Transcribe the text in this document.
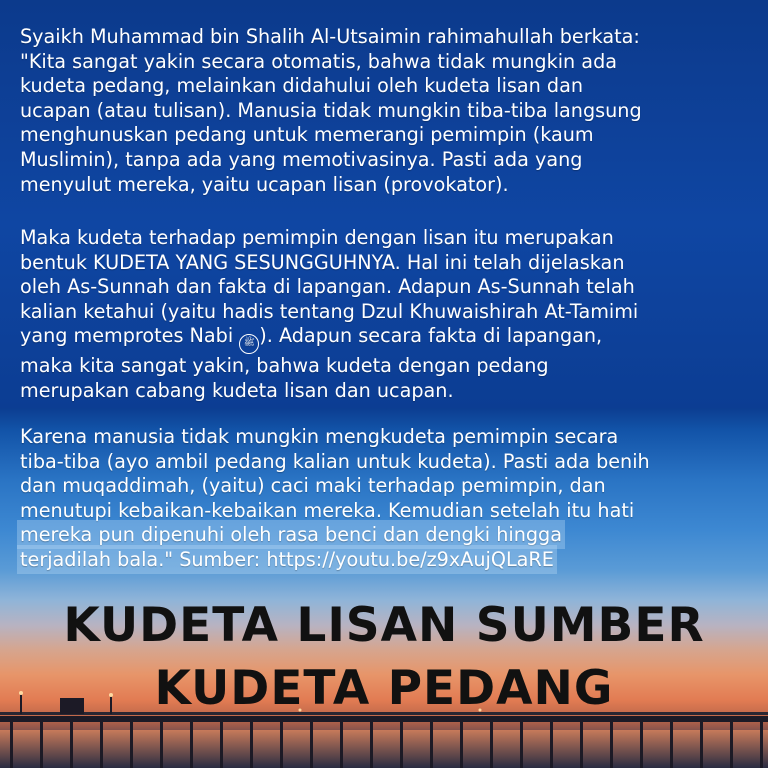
Syaikh Muhammad bin Shalih Al-Utsaimin rahimahullah berkata:
"Kita sangat yakin secara otomatis, bahwa tidak mungkin ada
kudeta pedang, melainkan didahului oleh kudeta lisan dan
ucapan (atau tulisan). Manusia tidak mungkin tiba-tiba langsung
menghunuskan pedang untuk memerangi pemimpin (kaum
Muslimin), tanpa ada yang memotivasinya. Pasti ada yang
menyulut mereka, yaitu ucapan lisan (provokator).

Maka kudeta terhadap pemimpin dengan lisan itu merupakan
bentuk KUDETA YANG SESUNGGUHNYA. Hal ini telah dijelaskan
oleh As-Sunnah dan fakta di lapangan. Adapun As-Sunnah telah
kalian ketahui (yaitu hadis tentang Dzul Khuwaishirah At-Tamimi
yang memprotes Nabi ﷺ ). Adapun secara fakta di lapangan,
maka kita sangat yakin, bahwa kudeta dengan pedang
merupakan cabang kudeta lisan dan ucapan.

Karena manusia tidak mungkin mengkudeta pemimpin secara
tiba-tiba (ayo ambil pedang kalian untuk kudeta). Pasti ada benih
dan muqaddimah, (yaitu) caci maki terhadap pemimpin, dan
menutupi kebaikan-kebaikan mereka. Kemudian setelah itu hati
mereka pun dipenuhi oleh rasa benci dan dengki hingga
terjadilah bala." Sumber: https://youtu.be/z9xAujQLaRE

KUDETA LISAN SUMBER
KUDETA PEDANG
